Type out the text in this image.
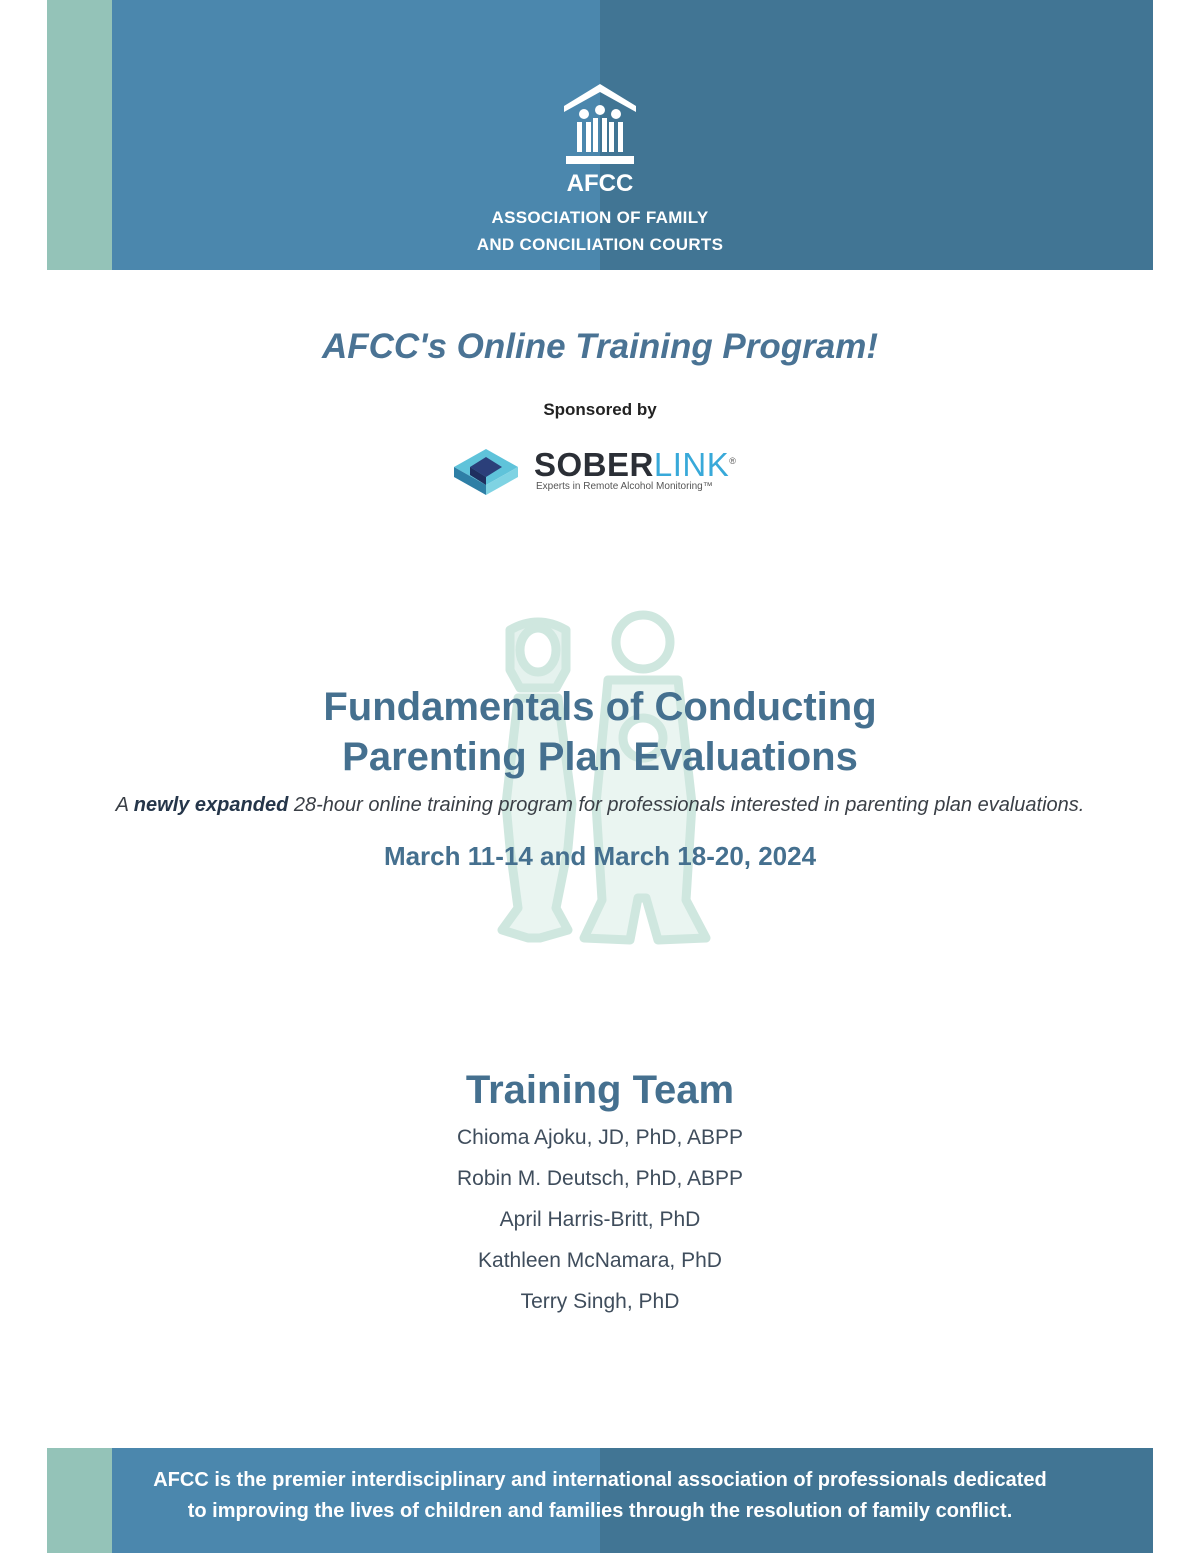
AFCC
ASSOCIATION OF FAMILY
AND CONCILIATION COURTS
AFCC's Online Training Program!
Sponsored by
SOBERLINK®
Experts in Remote Alcohol Monitoring™
Fundamentals of Conducting
Parenting Plan Evaluations
A newly expanded 28-hour online training program for professionals interested in parenting plan evaluations.
March 11-14 and March 18-20, 2024
Training Team
Chioma Ajoku, JD, PhD, ABPP
Robin M. Deutsch, PhD, ABPP
April Harris-Britt, PhD
Kathleen McNamara, PhD
Terry Singh, PhD
AFCC is the premier interdisciplinary and international association of professionals dedicated
to improving the lives of children and families through the resolution of family conflict.
